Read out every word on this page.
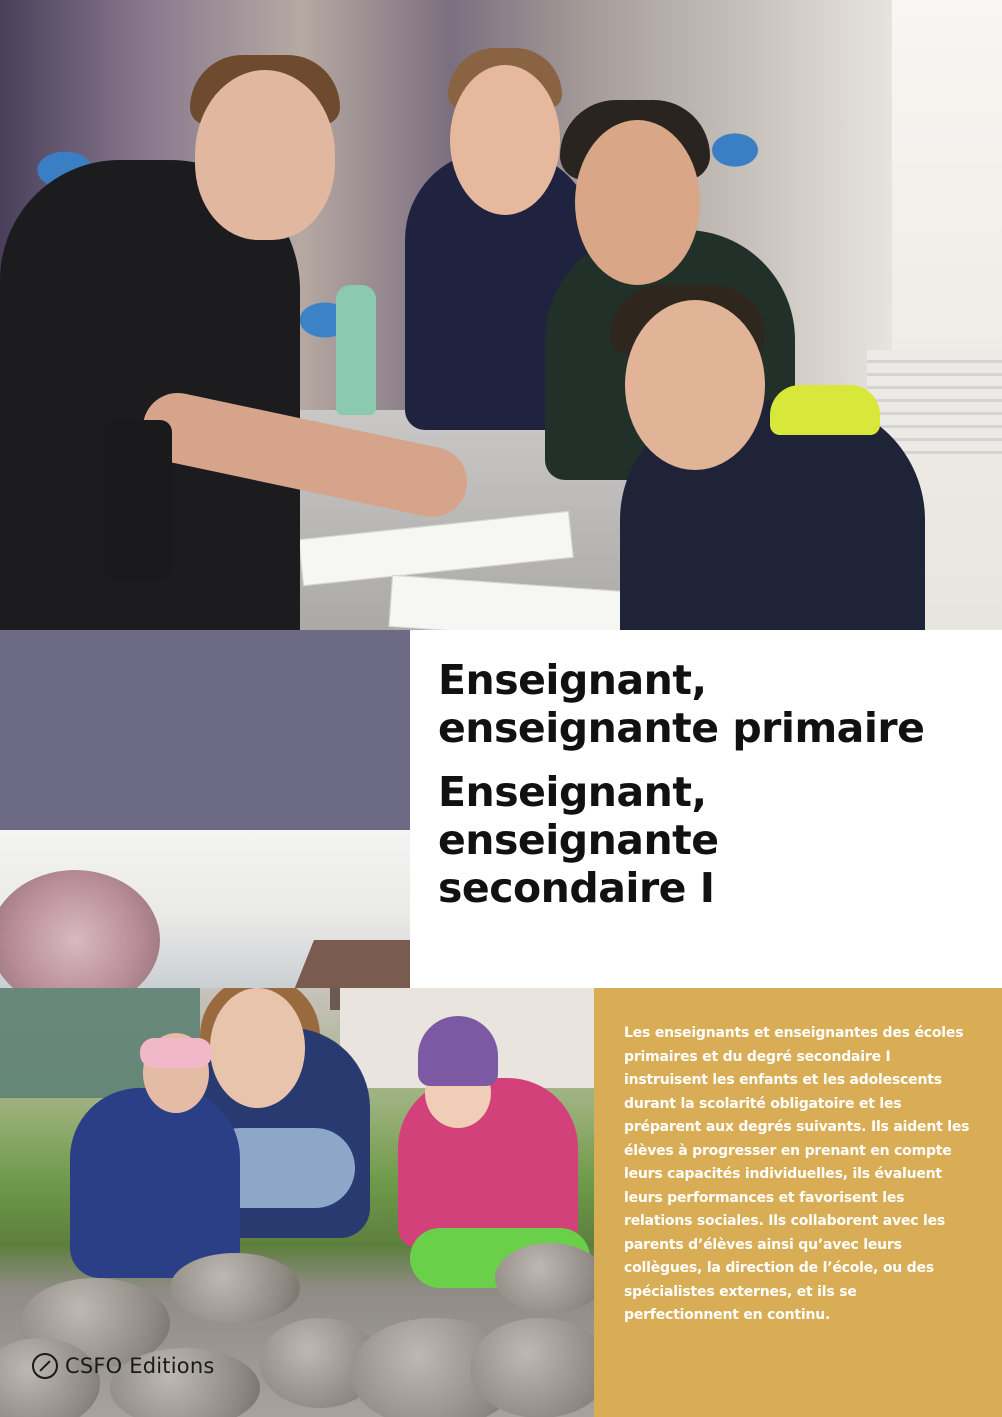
Enseignant,
enseignante primaire
Enseignant,
enseignante
secondaire I
CSFO Editions

Les enseignants et enseignantes des écoles primaires et du degré secondaire I instruisent les enfants et les adolescents durant la scolarité obligatoire et les préparent aux degrés suivants. Ils aident les élèves à progresser en prenant en compte leurs capacités individuelles, ils évaluent leurs performances et favorisent les relations sociales. Ils collaborent avec les parents d’élèves ainsi qu’avec leurs collègues, la direction de l’école, ou des spécialistes externes, et ils se perfectionnent en continu.
